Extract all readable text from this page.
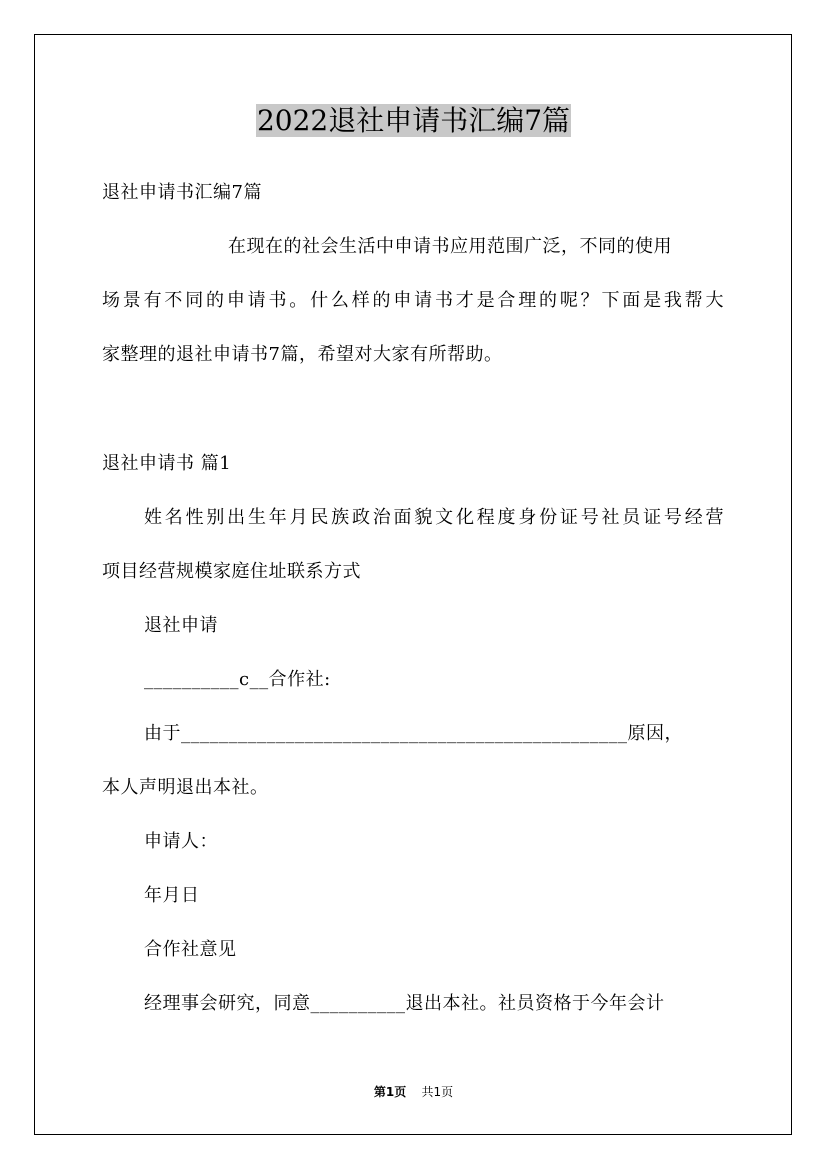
2022退社申请书汇编7篇
退社申请书汇编7篇
在现在的社会生活中申请书应用范围广泛，不同的使用
场景有不同的申请书。什么样的申请书才是合理的呢？下面是我帮大
家整理的退社申请书7篇，希望对大家有所帮助。
退社申请书 篇1
姓名性别出生年月民族政治面貌文化程度身份证号社员证号经营
项目经营规模家庭住址联系方式
退社申请
__________c__合作社:
由于_______________________________________________原因，
本人声明退出本社。
申请人：
年月日
合作社意见
经理事会研究，同意__________退出本社。社员资格于今年会计
第1页 共1页
